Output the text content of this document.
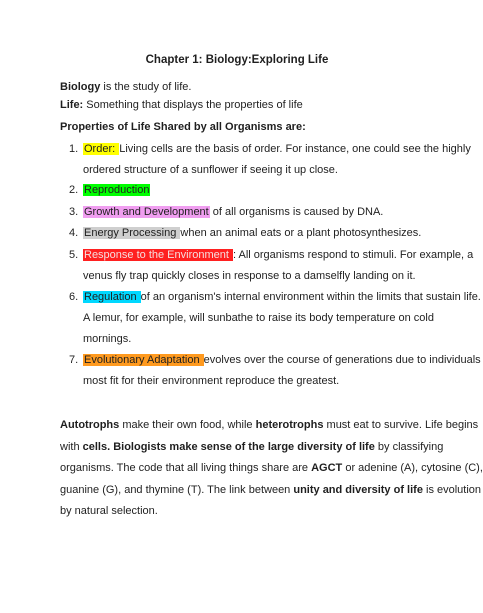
Chapter 1: Biology:Exploring Life

Biology is the study of life.

Life: Something that displays the properties of life

Properties of Life Shared by all Organisms are:

1. Order: Living cells are the basis of order. For instance, one could see the highly

ordered structure of a sunflower if seeing it up close.

2. Reproduction

3. Growth and Development of all organisms is caused by DNA.

4. Energy Processing when an animal eats or a plant photosynthesizes.

5. Response to the Environment : All organisms respond to stimuli. For example, a

venus fly trap quickly closes in response to a damselfly landing on it.

6. Regulation of an organism's internal environment within the limits that sustain life.

A lemur, for example, will sunbathe to raise its body temperature on cold

mornings.

7. Evolutionary Adaptation evolves over the course of generations due to individuals

most fit for their environment reproduce the greatest.

Autotrophs make their own food, while heterotrophs must eat to survive. Life begins

with cells. Biologists make sense of the large diversity of life by classifying

organisms. The code that all living things share are AGCT or adenine (A), cytosine (C),

guanine (G), and thymine (T). The link between unity and diversity of life is evolution

by natural selection.
